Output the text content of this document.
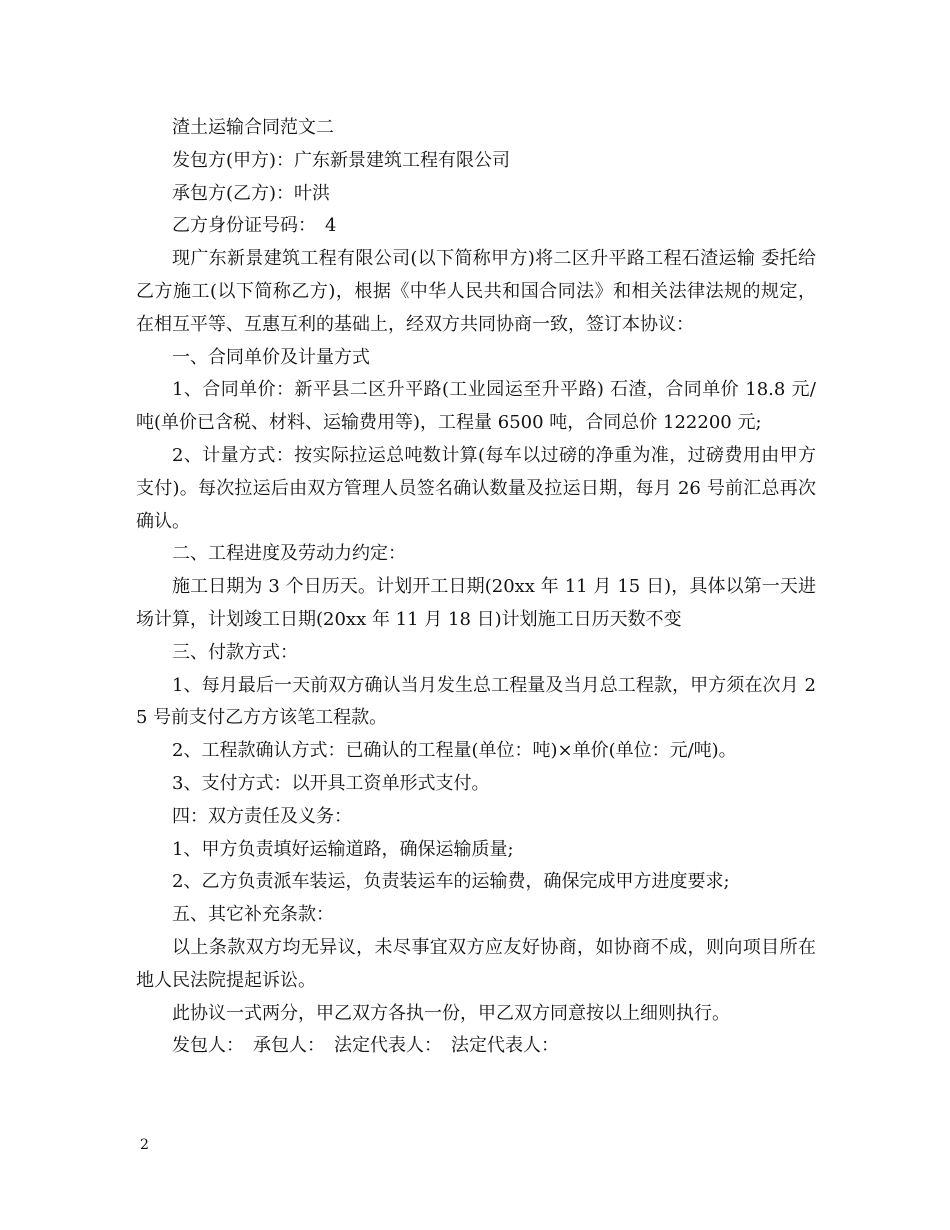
渣土运输合同范文二

发包方(甲方)：广东新景建筑工程有限公司

承包方(乙方)：叶洪

乙方身份证号码：　4

现广东新景建筑工程有限公司(以下简称甲方)将二区升平路工程石渣运输 委托给乙方施工(以下简称乙方)，根据《中华人民共和国合同法》和相关法律法规的规定，在相互平等、互惠互利的基础上，经双方共同协商一致，签订本协议：

一、合同单价及计量方式

1、合同单价：新平县二区升平路(工业园运至升平路) 石渣，合同单价 18.8 元/吨(单价已含税、材料、运输费用等)，工程量 6500 吨，合同总价 122200 元;

2、计量方式：按实际拉运总吨数计算(每车以过磅的净重为准，过磅费用由甲方支付)。每次拉运后由双方管理人员签名确认数量及拉运日期，每月 26 号前汇总再次确认。

二、工程进度及劳动力约定：

施工日期为 3 个日历天。计划开工日期(20xx 年 11 月 15 日)，具体以第一天进场计算，计划竣工日期(20xx 年 11 月 18 日)计划施工日历天数不变

三、付款方式：

1、每月最后一天前双方确认当月发生总工程量及当月总工程款，甲方须在次月 25 号前支付乙方方该笔工程款。

2、工程款确认方式：已确认的工程量(单位：吨)×单价(单位：元/吨)。

3、支付方式：以开具工资单形式支付。

四：双方责任及义务：

1、甲方负责填好运输道路，确保运输质量;

2、乙方负责派车装运，负责装运车的运输费，确保完成甲方进度要求;

五、其它补充条款：

以上条款双方均无异议，未尽事宜双方应友好协商，如协商不成，则向项目所在地人民法院提起诉讼。

此协议一式两分，甲乙双方各执一份，甲乙双方同意按以上细则执行。

发包人：　承包人：　法定代表人：　法定代表人：

2
